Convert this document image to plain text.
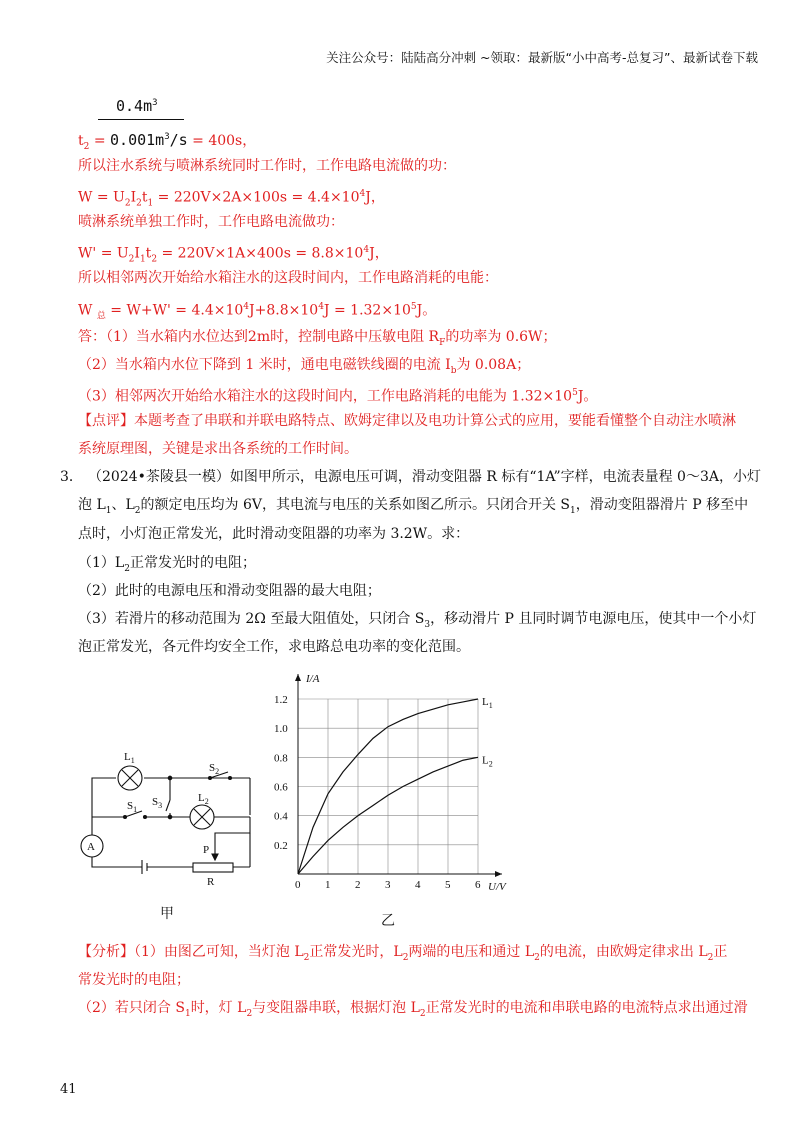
关注公众号：陆陆高分冲刺 ~领取：最新版“小中高考-总复习”、最新试卷下载
$0.4m^3$
$t_2 = 0.001m^3/s = 400s$，
所以注水系统与喷淋系统同时工作时，工作电路电流做的功：
$W = U_2I_2t_1 = 220V\times 2A\times 100s = 4.4\times 10^4J$，
喷淋系统单独工作时，工作电路电流做功：
$W' = U_2I_1t_2 = 220V\times 1A\times 400s = 8.8\times 10^4J$，
所以相邻两次开始给水箱注水的这段时间内，工作电路消耗的电能：
W $_总 = W+W' = 4.4\times 10^4J+8.8\times 10^4J = 1.32\times 10^5J$。
答：（1）当水箱内水位达到2m时，控制电路中压敏电阻 $R_F$的功率为 0.6W；
（2）当水箱内水位下降到 1 米时，通电电磁铁线圈的电流 $I_b$为 0.08A；
（3）相邻两次开始给水箱注水的这段时间内，工作电路消耗的电能为 $1.32\times 10^5J$。
【点评】本题考查了串联和并联电路特点、欧姆定律以及电功计算公式的应用，要能看懂整个自动注水喷淋
系统原理图，关键是求出各系统的工作时间。
3． （2024•茶陵县一模）如图甲所示，电源电压可调，滑动变阻器 R 标有“1A”字样，电流表量程 0～3A，小灯
泡 $L_1$、$L_2$的额定电压均为 6V，其电流与电压的关系如图乙所示。只闭合开关 $S_1$，滑动变阻器滑片 P 移至中
点时，小灯泡正常发光，此时滑动变阻器的功率为 3.2W。求：
$(1)L_2$正常发光时的电阻；
（2）此时的电源电压和滑动变阻器的最大电阻；
（3）若滑片的移动范围为 2Ω 至最大阻值处，只闭合 $S_3$，移动滑片 P 且同时调节电源电压，使其中一个小灯
泡正常发光，各元件均安全工作，求电路总电功率的变化范围。
A
$L_1$
$S_2$
$L_2$
$S_1$
$S_3$
P
R
甲
0 1 2 3 4 5 6
0.2
0.4
0.6
0.8
1.0
1.2
I/A
U/V
$L_1$
$L_2$
乙
【分析】（1）由图乙可知，当灯泡 $L_2$正常发光时，$L_2$两端的电压和通过 $L_2$的电流，由欧姆定律求出 $L_2$正
常发光时的电阻；
（2）若只闭合 $S_1$时，灯 $L_2$与变阻器串联，根据灯泡 $L_2$正常发光时的电流和串联电路的电流特点求出通过滑
41
